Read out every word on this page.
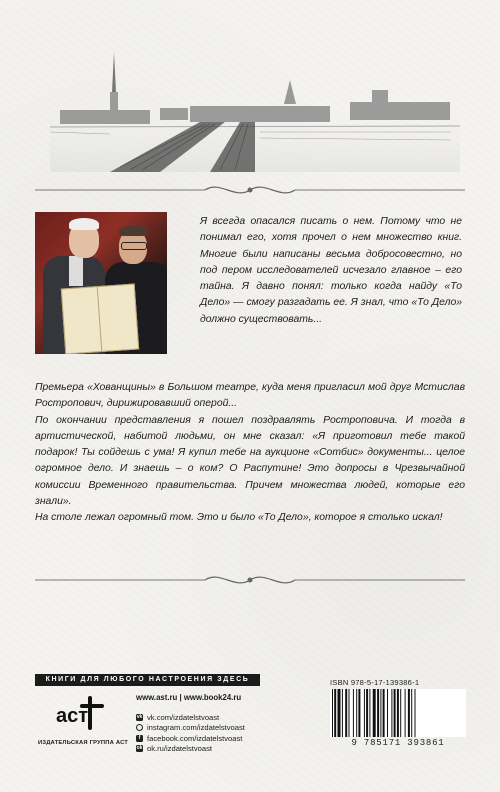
Я всегда опасался писать о нем. Потому что не понимал его, хотя прочел о нем множество книг. Многие были написаны весьма добросовестно, но под пером исследователей исчезало главное – его тайна. Я давно понял: только когда найду «То Дело» — смогу разгадать ее. Я знал, что «То Дело» должно существовать...

Премьера «Хованщины» в Большом театре, куда меня пригласил мой друг Мстислав Ростропович, дирижировавший оперой...

По окончании представления я пошел поздравлять Ростроповича. И тогда в артистической, набитой людьми, он мне сказал: «Я приготовил тебе такой подарок! Ты сойдешь с ума! Я купил тебе на аукционе «Сотбис» документы... целое огромное дело. И знаешь – о ком? О Распутине! Это допросы в Чрезвычайной комиссии Временного правительства. Причем множества людей, которые его знали».

На столе лежал огромный том. Это и было «То Дело», которое я столько искал!

КНИГИ ДЛЯ ЛЮБОГО НАСТРОЕНИЯ ЗДЕСЬ
аст
ИЗДАТЕЛЬСКАЯ ГРУППА АСТ
www.ast.ru | www.book24.ru
vk vk.com/izdatelstvoast
instagram.com/izdatelstvoast
f facebook.com/izdatelstvoast
ok ok.ru/izdatelstvoast
ISBN 978-5-17-139386-1
9 785171 393861
